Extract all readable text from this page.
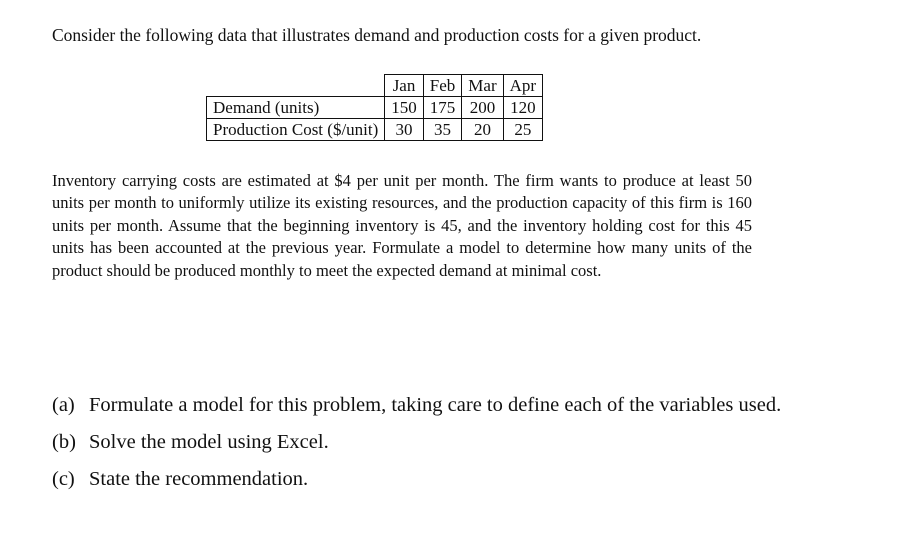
Consider the following data that illustrates demand and production costs for a given product.

	Jan	Feb	Mar	Apr
Demand (units)	150	175	200	120
Production Cost ($/unit)	30	35	20	25

Inventory carrying costs are estimated at $4 per unit per month. The firm wants to produce at least 50 units per month to uniformly utilize its existing resources, and the production capacity of this firm is 160 units per month. Assume that the beginning inventory is 45, and the inventory holding cost for this 45 units has been accounted at the previous year. Formulate a model to determine how many units of the product should be produced monthly to meet the expected demand at minimal cost.

(a) Formulate a model for this problem, taking care to define each of the variables used.
(b) Solve the model using Excel.
(c) State the recommendation.
